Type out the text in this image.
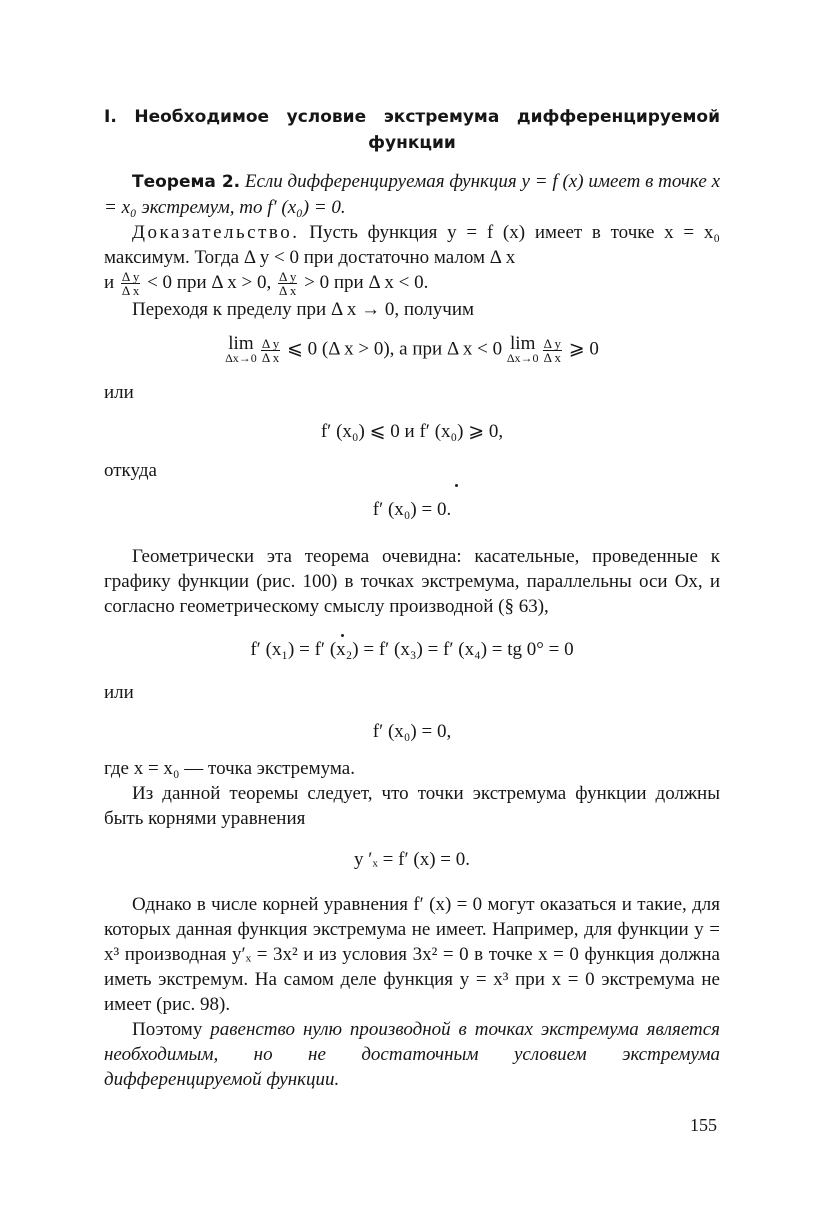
I. Необходимое условие экстремума дифференцируемой
функции

Теорема 2. Если дифференцируемая функция y = f (x) имеет в точке x = x₀ экстремум, то f′ (x₀) = 0.

Доказательство. Пусть функция y = f (x) имеет в точке x = x₀ максимум. Тогда Δ y < 0 при достаточно малом Δ x

и $\frac{\text{Δ y}}{\text{Δ x}} < 0$ при Δ x > 0, $\frac{\text{Δ y}}{\text{Δ x}} > 0$ при Δ x < 0.

Переходя к пределу при Δ x → 0, получим

lim
$\Delta x\to 0 \frac{\text{Δ y}}{\text{Δ x}}$ ⩽ 0 (Δ x > 0), а при Δ x < 0 lim
$\Delta x\to 0 \frac{\text{Δ y}}{\text{Δ x}}$ ⩾ 0

или

f′ (x₀) ⩽ 0 и f′ (x₀) ⩾ 0,

откуда

f′ (x₀) = 0.

Геометрически эта теорема очевидна: касательные, проведенные к графику функции (рис. 100) в точках экстремума, параллельны оси Ox, и согласно геометрическому смыслу производной (§ 63),

f′ (x₁) = f′ (x₂) = f′ (x₃) = f′ (x₄) = tg 0° = 0

или

f′ (x₀) = 0,

где x = x₀ — точка экстремума.

Из данной теоремы следует, что точки экстремума функции должны быть корнями уравнения

y ′ₓ = f′ (x) = 0.

Однако в числе корней уравнения f′ (x) = 0 могут оказаться и такие, для которых данная функция экстремума не имеет. Например, для функции y = x³ производная y′ₓ = 3x² и из условия 3x² = 0 в точке x = 0 функция должна иметь экстремум. На самом деле функция y = x³ при x = 0 экстремума не имеет (рис. 98).

Поэтому равенство нулю производной в точках экстремума является необходимым, но не достаточным условием экстремума дифференцируемой функции.

155
